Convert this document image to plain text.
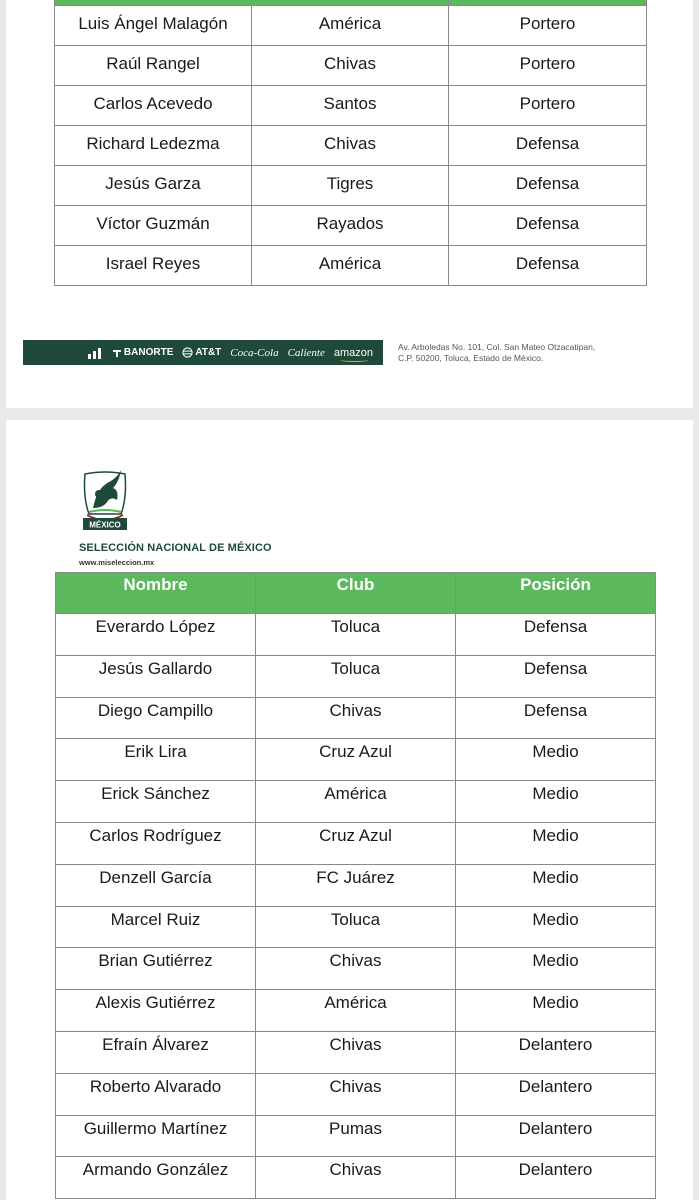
Luis Ángel Malagón	América	Portero
Raúl Rangel	Chivas	Portero
Carlos Acevedo	Santos	Portero
Richard Ledezma	Chivas	Defensa
Jesús Garza	Tigres	Defensa
Víctor Guzmán	Rayados	Defensa
Israel Reyes	América	Defensa
BANORTE AT&T Coca-Cola Caliente amazon	Av. Arboledas No. 101, Col. San Mateo Otzacatipan,
C.P. 50200, Toluca, Estado de México.
MÉXICO
SELECCIÓN NACIONAL DE MÉXICO
www.miseleccion.mx
Nombre	Club	Posición
Everardo López	Toluca	Defensa
Jesús Gallardo	Toluca	Defensa
Diego Campillo	Chivas	Defensa
Erik Lira	Cruz Azul	Medio
Erick Sánchez	América	Medio
Carlos Rodríguez	Cruz Azul	Medio
Denzell García	FC Juárez	Medio
Marcel Ruiz	Toluca	Medio
Brian Gutiérrez	Chivas	Medio
Alexis Gutiérrez	América	Medio
Efraín Álvarez	Chivas	Delantero
Roberto Alvarado	Chivas	Delantero
Guillermo Martínez	Pumas	Delantero
Armando González	Chivas	Delantero
